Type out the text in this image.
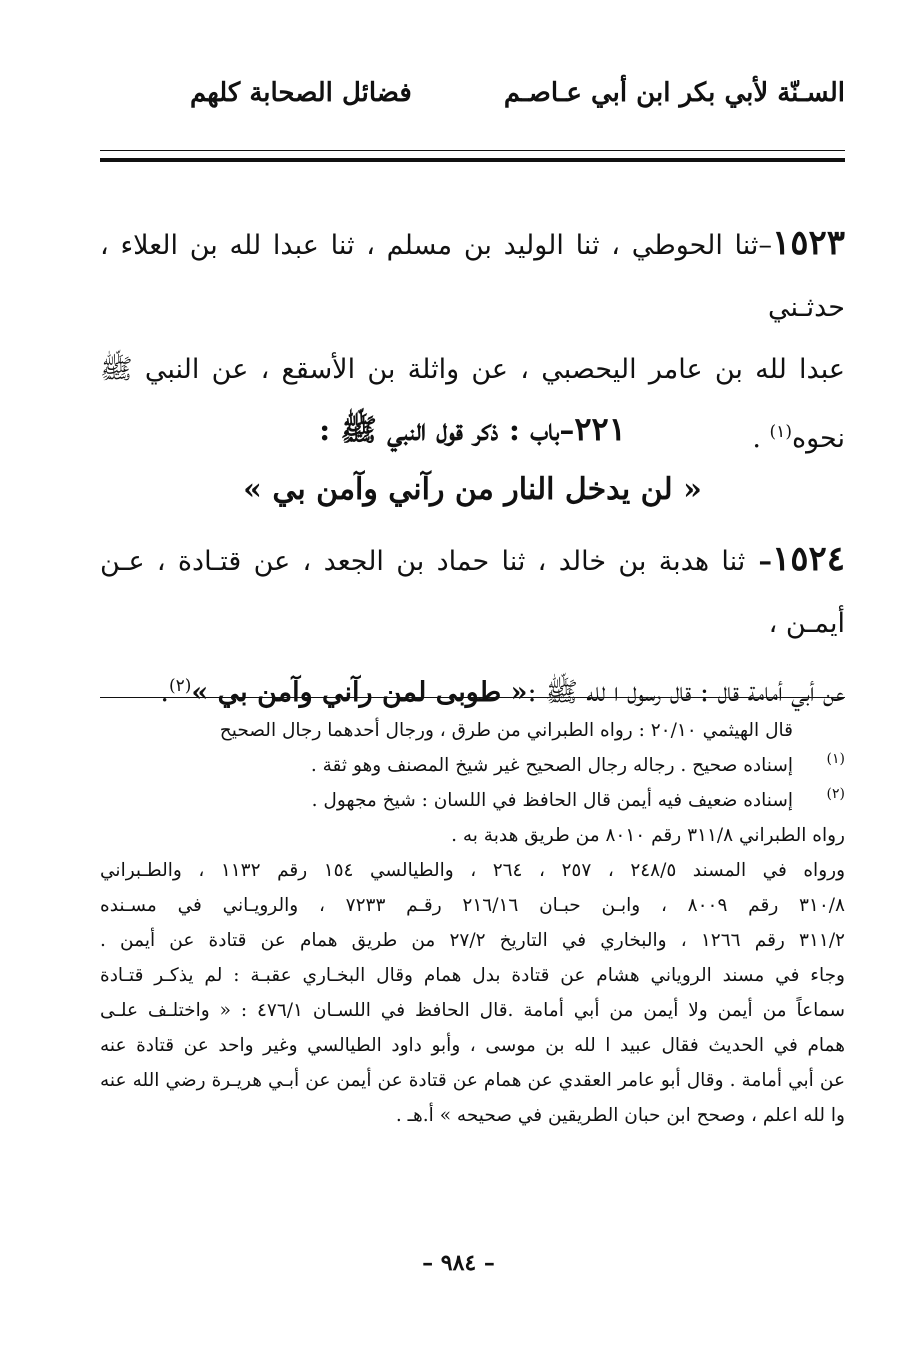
السـنّة لأبي بكر ابن أبي عـاصـم
فضائل الصحابة كلهم
١٥٢٣–ثنا الحوطي ، ثنا الوليد بن مسلم ، ثنا عبدا لله بن العلاء ، حدثـني
عبدا لله بن عامر اليحصبي ، عن واثلة بن الأسقع ، عن النبي ﷺ نحوه$^{(١)}$ .
٢٢١–باب : ذكر قول النبي ﷺ :
« لن يدخل النار من رآني وآمن بي »
١٥٢٤– ثنا هدبة بن خالد ، ثنا حماد بن الجعد ، عن قتـادة ، عـن أيمـن ،
عن أبي أمامة قال : قال رسول ا لله ﷺ :« طوبى لمن رآني وآمن بي »$^{(٢)}$.
قال الهيثمي ٢٠/١٠ : رواه الطبراني من طرق ، ورجال أحدهما رجال الصحيح
(١)
إسناده صحيح . رجاله رجال الصحيح غير شيخ المصنف وهو ثقة .
(٢)
إسناده ضعيف فيه أيمن قال الحافظ في اللسان : شيخ مجهول .
رواه الطبراني ٣١١/٨ رقم ٨٠١٠ من طريق هدبة به .
ورواه في المسند ٢٤٨/٥ ، ٢٥٧ ، ٢٦٤ ، والطيالسي ١٥٤ رقم ١١٣٢ ، والطـبراني
٣١٠/٨ رقم ٨٠٠٩ ، وابـن حبـان ٢١٦/١٦ رقـم ٧٢٣٣ ، والرويـاني في مسـنده
٣١١/٢ رقم ١٢٦٦ ، والبخاري في التاريخ ٢٧/٢ من طريق همام عن قتادة عن أيمن .
وجاء في مسند الروياني هشام عن قتادة بدل همام وقال البخـاري عقبـة : لم يذكـر قتـادة
سماعاً من أيمن ولا أيمن من أبي أمامة .قال الحافظ في اللسـان ٤٧٦/١ : « واختلـف علـى
همام في الحديث فقال عبيد ا لله بن موسى ، وأبو داود الطيالسي وغير واحد عن قتادة عنه
عن أبي أمامة . وقال أبو عامر العقدي عن همام عن قتادة عن أيمن عن أبـي هريـرة رضي الله عنه
وا لله اعلم ، وصحح ابن حبان الطريقين في صحيحه » أ.هـ .
– ٩٨٤ –
